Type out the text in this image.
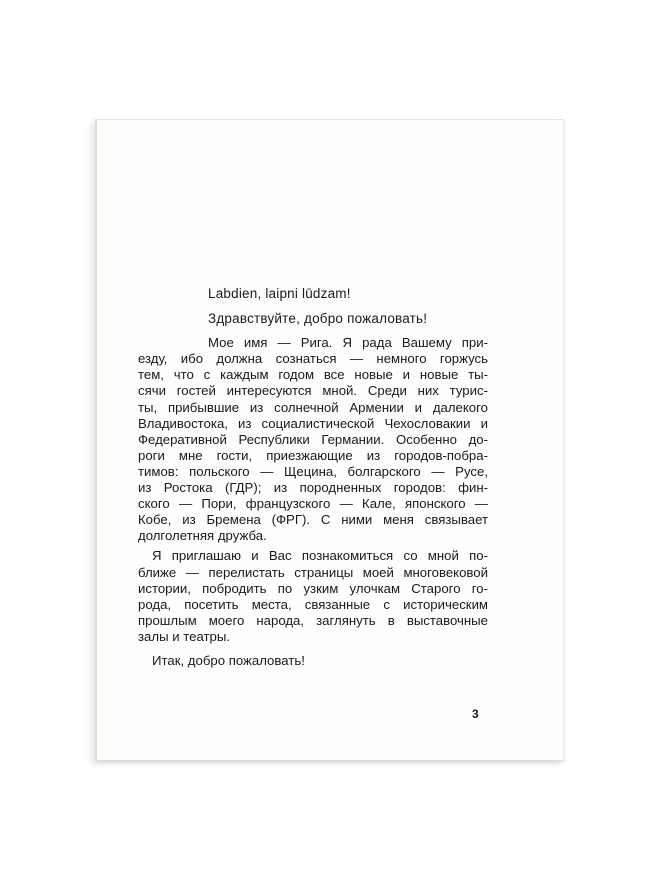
Labdien, laipni lūdzam!
Здравствуйте, добро пожаловать!
Мое имя — Рига. Я рада Вашему при-
езду, ибо должна сознаться — немного горжусь
тем, что с каждым годом все новые и новые ты-
сячи гостей интересуются мной. Среди них турис-
ты, прибывшие из солнечной Армении и далекого
Владивостока, из социалистической Чехословакии и
Федеративной Республики Германии. Особенно до-
роги мне гости, приезжающие из городов-побра-
тимов: польского — Щецина, болгарского — Русе,
из Ростока (ГДР); из породненных городов: фин-
ского — Пори, французского — Кале, японского —
Кобе, из Бремена (ФРГ). С ними меня связывает
долголетняя дружба.
Я приглашаю и Вас познакомиться со мной по-
ближе — перелистать страницы моей многовековой
истории, побродить по узким улочкам Старого го-
рода, посетить места, связанные с историческим
прошлым моего народа, заглянуть в выставочные
залы и театры.
Итак, добро пожаловать!
3
